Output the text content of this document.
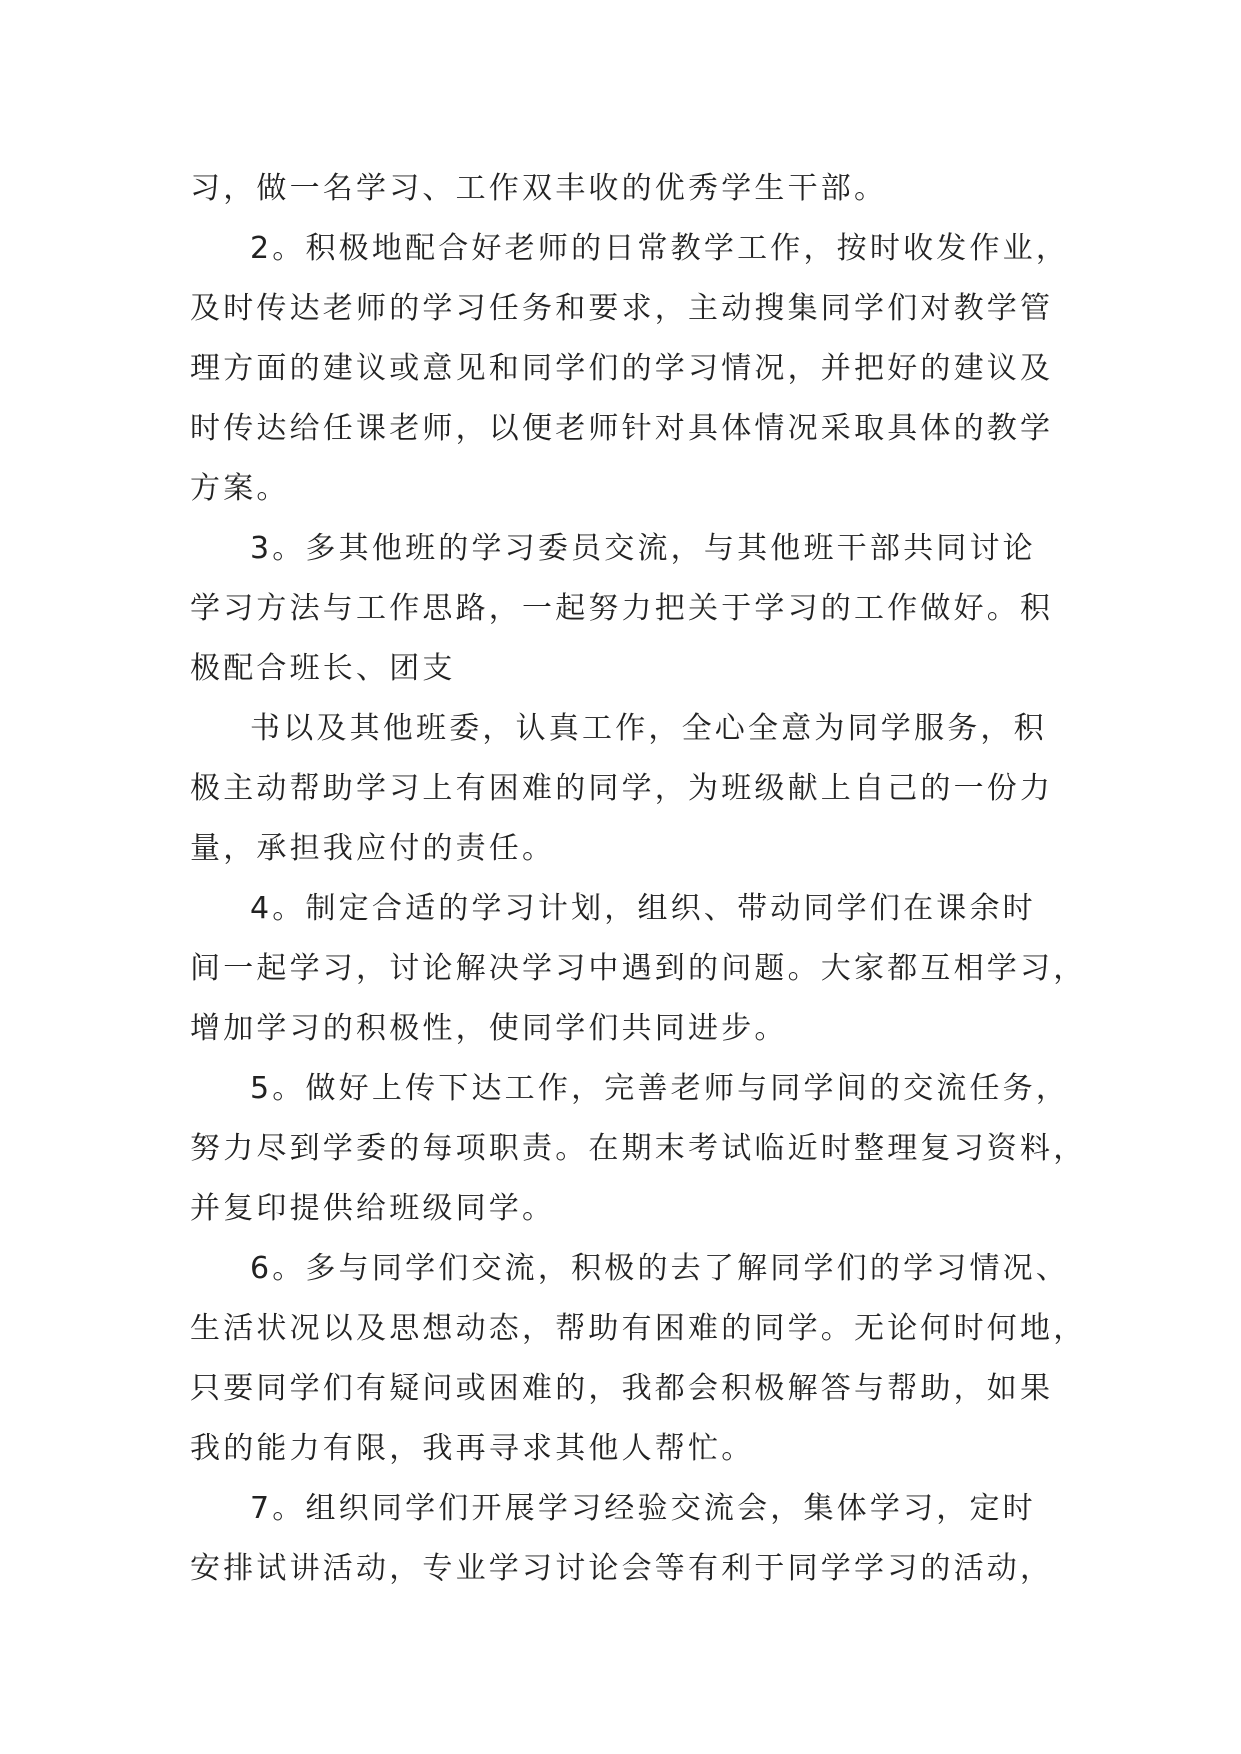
习，做一名学习、工作双丰收的优秀学生干部。
2。积极地配合好老师的日常教学工作，按时收发作业，
及时传达老师的学习任务和要求，主动搜集同学们对教学管
理方面的建议或意见和同学们的学习情况，并把好的建议及
时传达给任课老师，以便老师针对具体情况采取具体的教学
方案。
3。多其他班的学习委员交流，与其他班干部共同讨论
学习方法与工作思路，一起努力把关于学习的工作做好。积
极配合班长、团支
书以及其他班委，认真工作，全心全意为同学服务，积
极主动帮助学习上有困难的同学，为班级献上自己的一份力
量，承担我应付的责任。
4。制定合适的学习计划，组织、带动同学们在课余时
间一起学习，讨论解决学习中遇到的问题。大家都互相学习，
增加学习的积极性，使同学们共同进步。
5。做好上传下达工作，完善老师与同学间的交流任务，
努力尽到学委的每项职责。在期末考试临近时整理复习资料，
并复印提供给班级同学。
6。多与同学们交流，积极的去了解同学们的学习情况、
生活状况以及思想动态，帮助有困难的同学。无论何时何地，
只要同学们有疑问或困难的，我都会积极解答与帮助，如果
我的能力有限，我再寻求其他人帮忙。
7。组织同学们开展学习经验交流会，集体学习，定时
安排试讲活动，专业学习讨论会等有利于同学学习的活动，
